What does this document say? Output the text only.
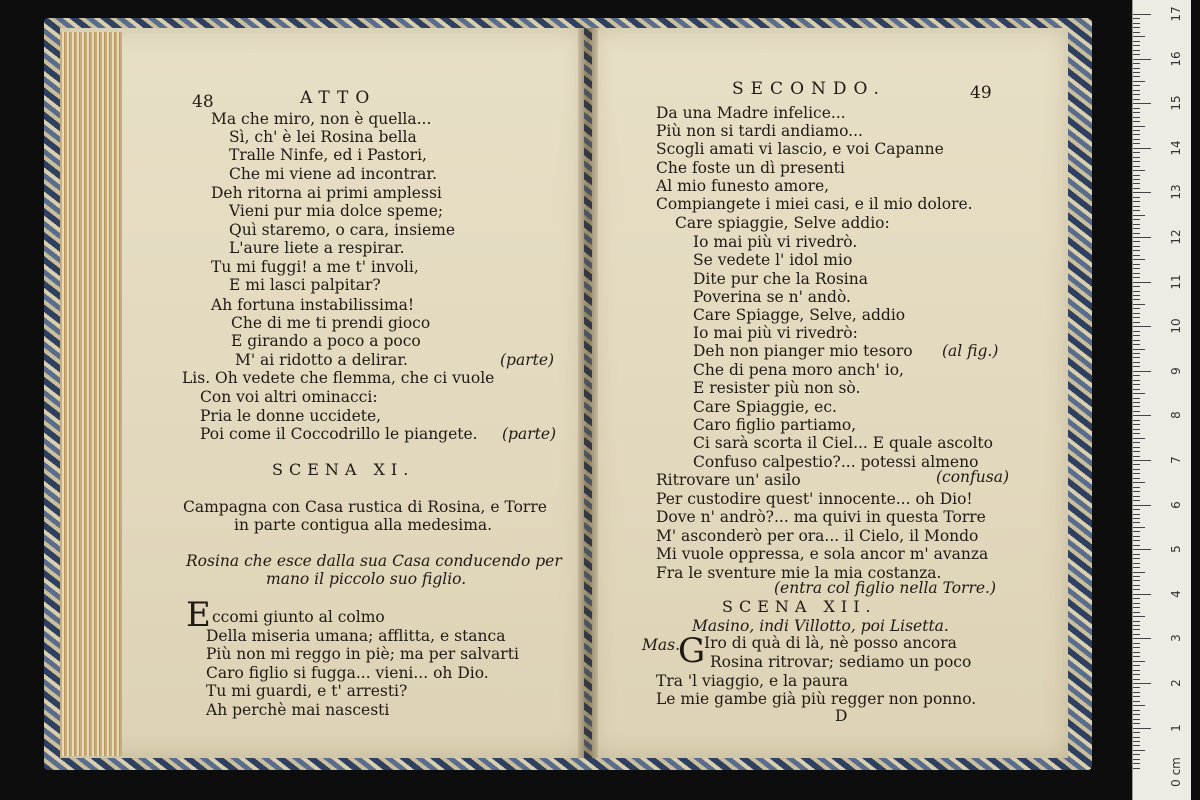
48	ATTO
Ma che miro, non è quella...
Sì, ch' è lei Rosina bella
Tralle Ninfe, ed i Pastori,
Che mi viene ad incontrar.
Deh ritorna ai primi amplessi
Vieni pur mia dolce speme;
Quì staremo, o cara, insieme
L'aure liete a respirar.
Tu mi fuggi! a me t' involi,
E mi lasci palpitar?
Ah fortuna instabilissima!
Che di me ti prendi gioco
E girando a poco a poco
M' ai ridotto a delirar.	(parte)
Lis. Oh vedete che flemma, che ci vuole
Con voi altri ominacci:
Pria le donne uccidete,
Poi come il Coccodrillo le piangete. (parte)
SCENA XI.
Campagna con Casa rustica di Rosina, e Torre
in parte contigua alla medesima.
Rosina che esce dalla sua Casa conducendo per
mano il piccolo suo figlio.
E ccomi giunto al colmo
Della miseria umana; afflitta, e stanca
Più non mi reggo in piè; ma per salvarti
Caro figlio si fugga... vieni... oh Dio.
Tu mi guardi, e t' arresti?
Ah perchè mai nascesti
SECONDO.	49
Da una Madre infelice...
Più non si tardi andiamo...
Scogli amati vi lascio, e voi Capanne
Che foste un dì presenti
Al mio funesto amore,
Compiangete i miei casi, e il mio dolore.
Care spiaggie, Selve addio:
Io mai più vi rivedrò.
Se vedete l' idol mio
Dite pur che la Rosina
Poverina se n' andò.
Care Spiagge, Selve, addio
Io mai più vi rivedrò:
Deh non pianger mio tesoro (al fig.)
Che di pena moro anch' io,
E resister più non sò.
Care Spiaggie, ec.
Caro figlio partiamo,
Ci sarà scorta il Ciel... E quale ascolto
Confuso calpestio?... potessi almeno
Ritrovare un' asilo	(confusa)
Per custodire quest' innocente... oh Dio!
Dove n' andrò?... ma quivi in questa Torre
M' asconderò per ora... il Cielo, il Mondo
Mi vuole oppressa, e sola ancor m' avanza
Fra le sventure mie la mia costanza.
(entra col figlio nella Torre.)
SCENA XII.
Masino, indi Villotto, poi Lisetta.
Mas.
G
Iro di quà di là, nè posso ancora
Rosina ritrovar; sediamo un poco
Tra 'l viaggio, e la paura
Le mie gambe già più regger non ponno.
D
17
16
15
14
13
12
11
10
9
8
7
6
5
4
3
2
1
0 cm
